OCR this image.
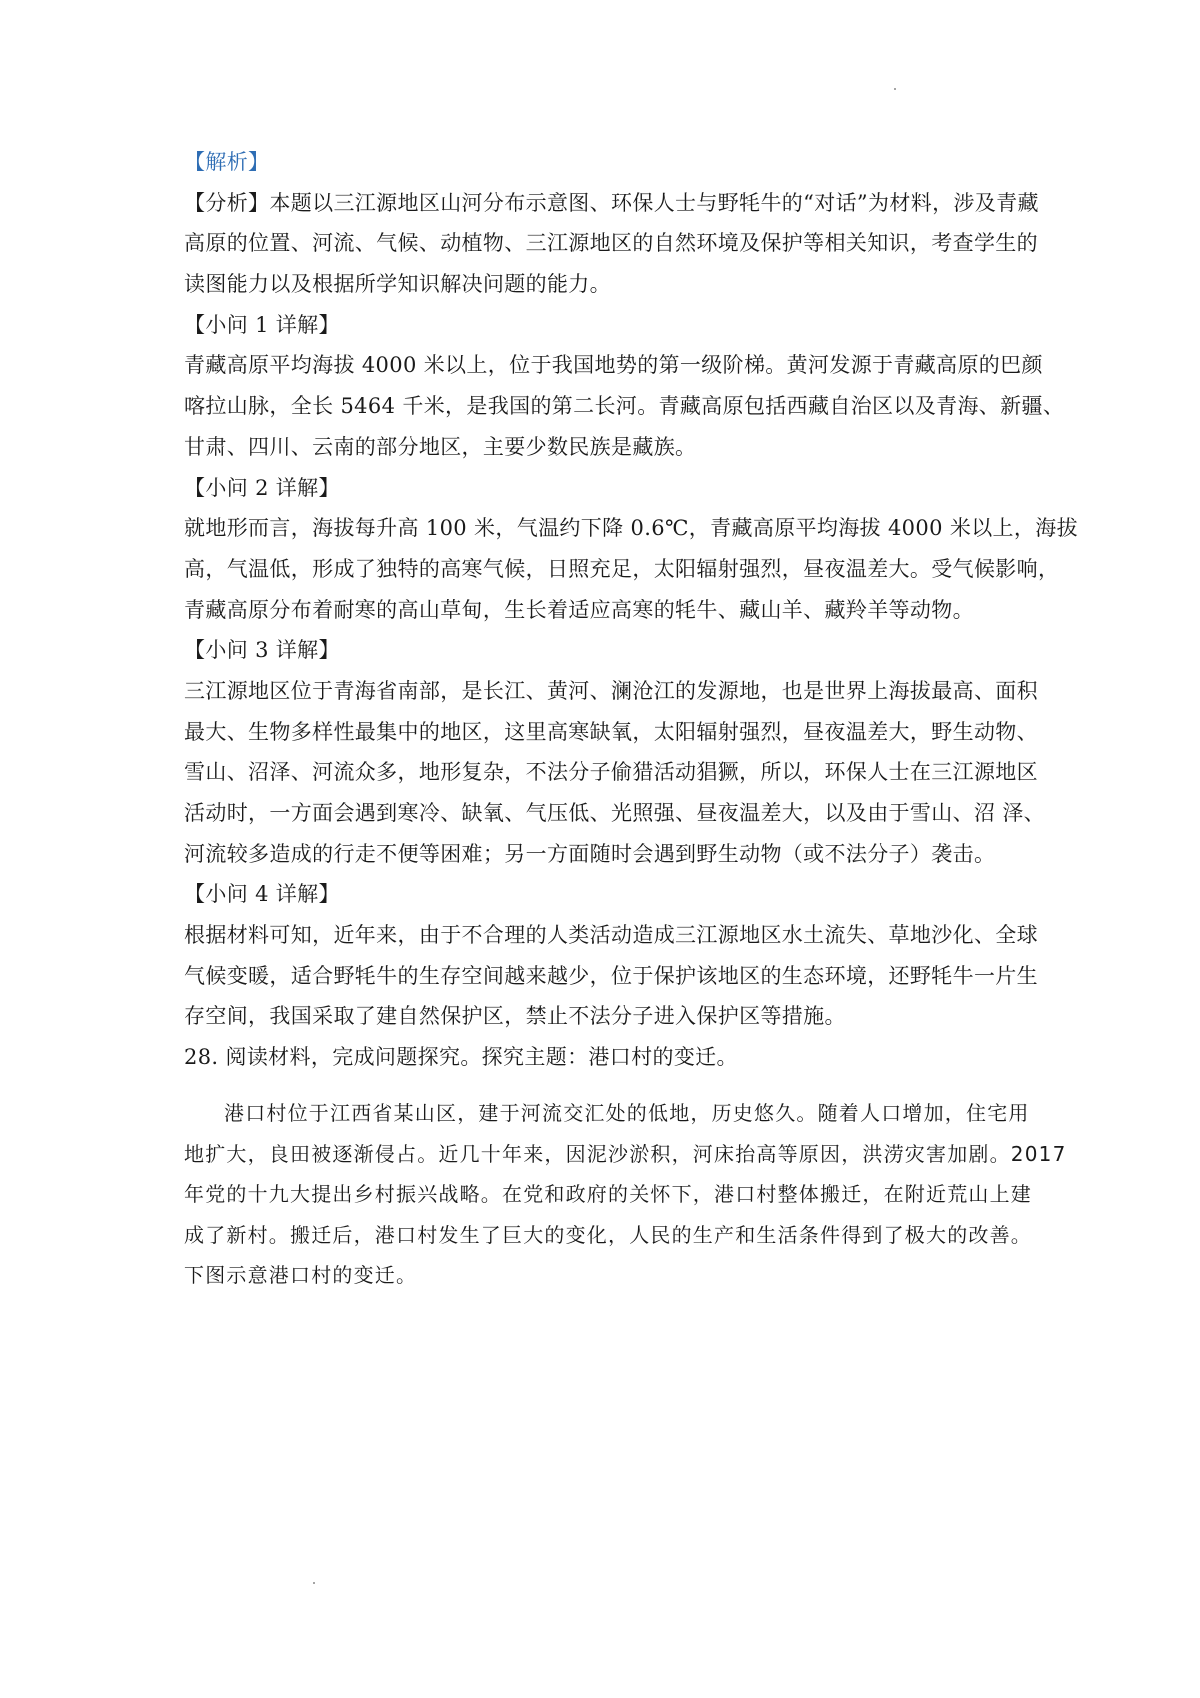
【解析】
【分析】本题以三江源地区山河分布示意图、环保人士与野牦牛的“对话”为材料，涉及青藏
高原的位置、河流、气候、动植物、三江源地区的自然环境及保护等相关知识，考查学生的
读图能力以及根据所学知识解决问题的能力。
【小问 1 详解】
青藏高原平均海拔 4000 米以上，位于我国地势的第一级阶梯。黄河发源于青藏高原的巴颜
喀拉山脉，全长 5464 千米，是我国的第二长河。青藏高原包括西藏自治区以及青海、新疆、
甘肃、四川、云南的部分地区，主要少数民族是藏族。
【小问 2 详解】
就地形而言，海拔每升高 100 米，气温约下降 0.6℃，青藏高原平均海拔 4000 米以上，海拔
高，气温低，形成了独特的高寒气候，日照充足，太阳辐射强烈，昼夜温差大。受气候影响，
青藏高原分布着耐寒的高山草甸，生长着适应高寒的牦牛、藏山羊、藏羚羊等动物。
【小问 3 详解】
三江源地区位于青海省南部，是长江、黄河、澜沧江的发源地，也是世界上海拔最高、面积
最大、生物多样性最集中的地区，这里高寒缺氧，太阳辐射强烈，昼夜温差大，野生动物、
雪山、沼泽、河流众多，地形复杂，不法分子偷猎活动猖獗，所以，环保人士在三江源地区
活动时，一方面会遇到寒冷、缺氧、气压低、光照强、昼夜温差大，以及由于雪山、沼 泽、
河流较多造成的行走不便等困难；另一方面随时会遇到野生动物（或不法分子）袭击。
【小问 4 详解】
根据材料可知，近年来，由于不合理的人类活动造成三江源地区水土流失、草地沙化、全球
气候变暖，适合野牦牛的生存空间越来越少，位于保护该地区的生态环境，还野牦牛一片生
存空间，我国采取了建自然保护区，禁止不法分子进入保护区等措施。
28. 阅读材料，完成问题探究。探究主题：港口村的变迁。
港口村位于江西省某山区，建于河流交汇处的低地，历史悠久。随着人口增加，住宅用
地扩大，良田被逐渐侵占。近几十年来，因泥沙淤积，河床抬高等原因，洪涝灾害加剧。2017
年党的十九大提出乡村振兴战略。在党和政府的关怀下，港口村整体搬迁，在附近荒山上建
成了新村。搬迁后，港口村发生了巨大的变化，人民的生产和生活条件得到了极大的改善。
下图示意港口村的变迁。
